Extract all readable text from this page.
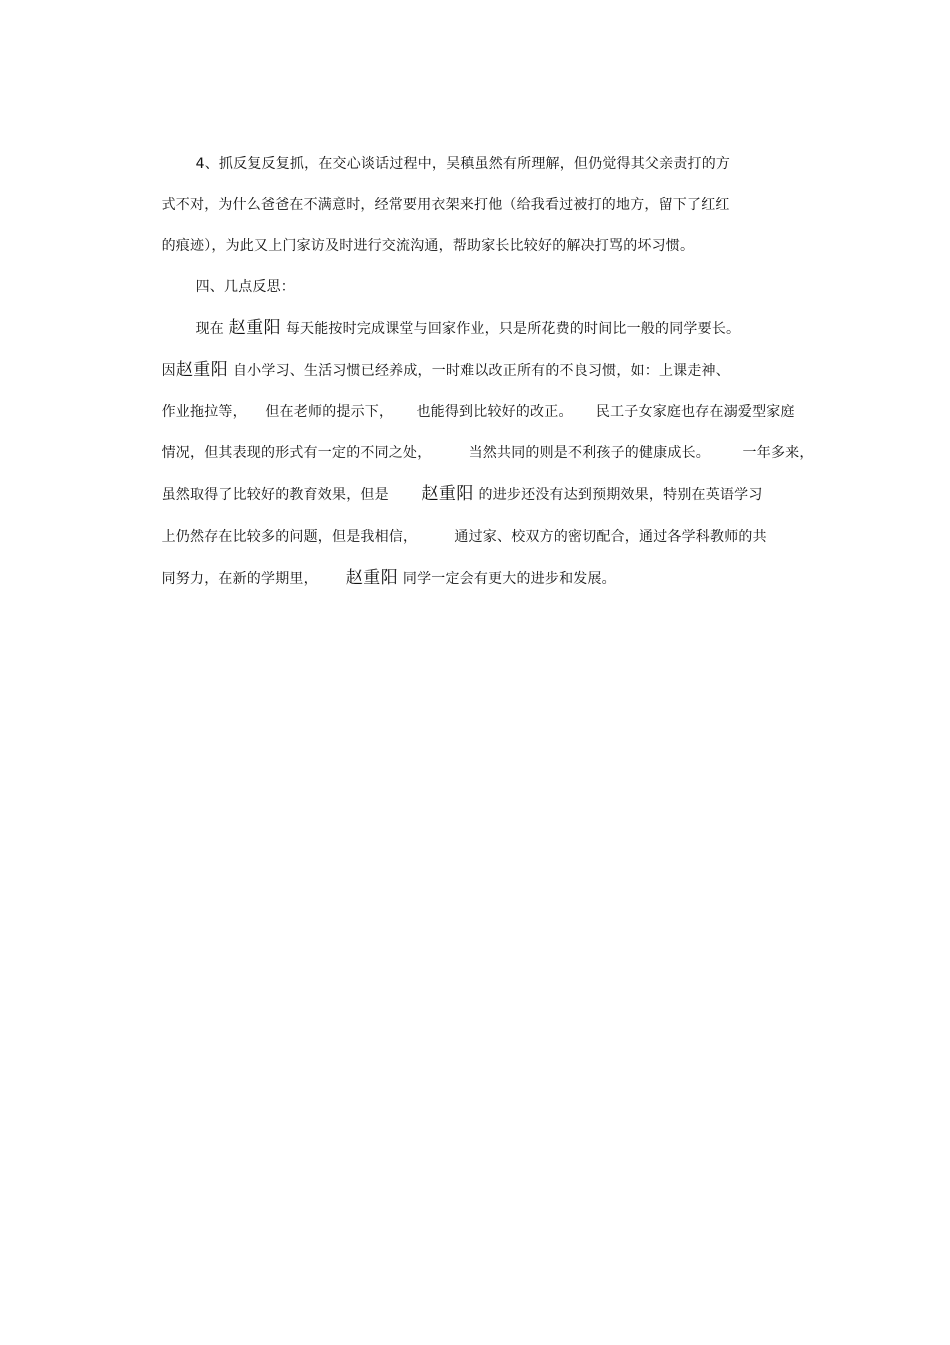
4、抓反复反复抓，在交心谈话过程中，吴稹虽然有所理解，但仍觉得其父亲责打的方

式不对，为什么爸爸在不满意时，经常要用衣架来打他（给我看过被打的地方，留下了红红

的痕迹），为此又上门家访及时进行交流沟通，帮助家长比较好的解决打骂的坏习惯。

四、几点反思：

现在 赵重阳 每天能按时完成课堂与回家作业，只是所花费的时间比一般的同学要长。

因赵重阳 自小学习、生活习惯已经养成，一时难以改正所有的不良习惯，如：上课走神、

作业拖拉等，    但在老师的提示下，     也能得到比较好的改正。     民工子女家庭也存在溺爱型家庭

情况，但其表现的形式有一定的不同之处，        当然共同的则是不利孩子的健康成长。       一年多来，

虽然取得了比较好的教育效果，但是       赵重阳 的进步还没有达到预期效果，特别在英语学习

上仍然存在比较多的问题，但是我相信，        通过家、校双方的密切配合，通过各学科教师的共

同努力，在新的学期里，      赵重阳 同学一定会有更大的进步和发展。
